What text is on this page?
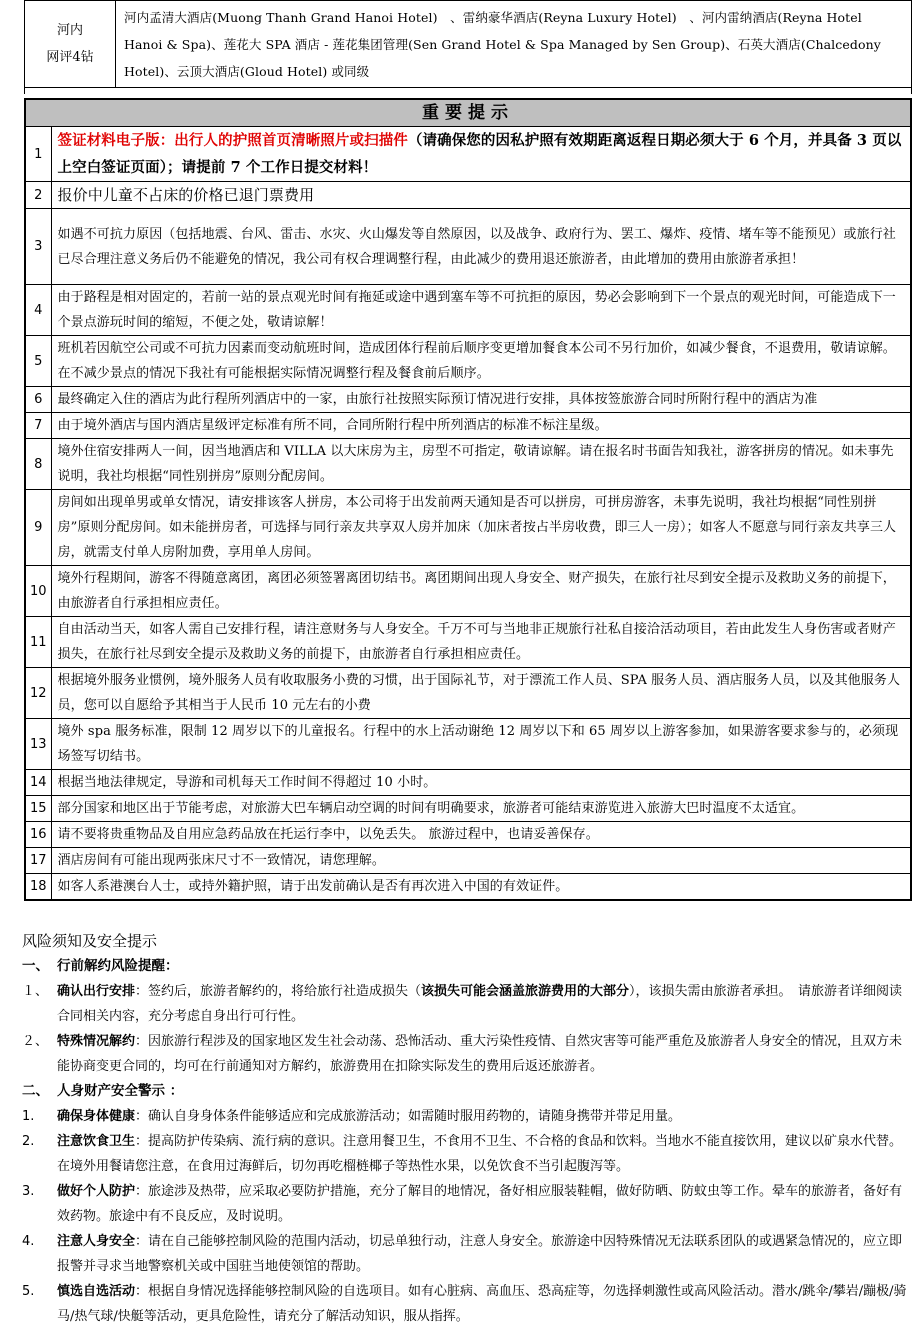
河内
网评4钻
	河内孟清大酒店(Muong Thanh Grand Hanoi Hotel)　、雷纳豪华酒店(Reyna Luxury Hotel)　、河内雷纳酒店(Reyna Hotel Hanoi & Spa)、莲花大 SPA 酒店 - 莲花集团管理(Sen Grand Hotel & Spa Managed by Sen Group)、石英大酒店(Chalcedony Hotel)、云顶大酒店(Gloud Hotel) 或同级

重要提示	
1	签证材料电子版：出行人的护照首页清晰照片或扫描件（请确保您的因私护照有效期距离返程日期必须大于 6 个月，并具备 3 页以上空白签证页面）；请提前 7 个工作日提交材料！
2	报价中儿童不占床的价格已退门票费用
3	如遇不可抗力原因（包括地震、台风、雷击、水灾、火山爆发等自然原因，以及战争、政府行为、罢工、爆炸、疫情、堵车等不能预见）或旅行社已尽合理注意义务后仍不能避免的情况，我公司有权合理调整行程，由此减少的费用退还旅游者，由此增加的费用由旅游者承担！
4	由于路程是相对固定的，若前一站的景点观光时间有拖延或途中遇到塞车等不可抗拒的原因，势必会影响到下一个景点的观光时间，可能造成下一个景点游玩时间的缩短，不便之处，敬请谅解！
5	班机若因航空公司或不可抗力因素而变动航班时间，造成团体行程前后顺序变更增加餐食本公司不另行加价，如减少餐食，不退费用，敬请谅解。在不减少景点的情况下我社有可能根据实际情况调整行程及餐食前后顺序。
6	最终确定入住的酒店为此行程所列酒店中的一家，由旅行社按照实际预订情况进行安排，具体按签旅游合同时所附行程中的酒店为准
7	由于境外酒店与国内酒店星级评定标准有所不同，合同所附行程中所列酒店的标准不标注星级。
8	境外住宿安排两人一间，因当地酒店和 VILLA 以大床房为主，房型不可指定，敬请谅解。请在报名时书面告知我社，游客拼房的情况。如未事先说明，我社均根据“同性别拼房”原则分配房间。
9	房间如出现单男或单女情况，请安排该客人拼房，本公司将于出发前两天通知是否可以拼房，可拼房游客，未事先说明，我社均根据“同性别拼房”原则分配房间。如未能拼房者，可选择与同行亲友共享双人房并加床（加床者按占半房收费，即三人一房）；如客人不愿意与同行亲友共享三人房，就需支付单人房附加费，享用单人房间。
10	境外行程期间，游客不得随意离团，离团必须签署离团切结书。离团期间出现人身安全、财产损失，在旅行社尽到安全提示及救助义务的前提下，由旅游者自行承担相应责任。
11	自由活动当天，如客人需自己安排行程，请注意财务与人身安全。千万不可与当地非正规旅行社私自接洽活动项目，若由此发生人身伤害或者财产损失，在旅行社尽到安全提示及救助义务的前提下，由旅游者自行承担相应责任。
12	根据境外服务业惯例，境外服务人员有收取服务小费的习惯，出于国际礼节，对于漂流工作人员、SPA 服务人员、酒店服务人员，以及其他服务人员，您可以自愿给予其相当于人民币 10 元左右的小费
13	境外 spa 服务标准，限制 12 周岁以下的儿童报名。行程中的水上活动谢绝 12 周岁以下和 65 周岁以上游客参加，如果游客要求参与的，必须现场签写切结书。
14	根据当地法律规定，导游和司机每天工作时间不得超过 10 小时。
15	部分国家和地区出于节能考虑，对旅游大巴车辆启动空调的时间有明确要求，旅游者可能结束游览进入旅游大巴时温度不太适宜。
16	请不要将贵重物品及自用应急药品放在托运行李中，以免丢失。 旅游过程中，也请妥善保存。
17	酒店房间有可能出现两张床尺寸不一致情况，请您理解。
18	如客人系港澳台人士，或持外籍护照，请于出发前确认是否有再次进入中国的有效证件。
风险须知及安全提示
一、 行前解约风险提醒：
１、 确认出行安排：签约后，旅游者解约的，将给旅行社造成损失（该损失可能会涵盖旅游费用的大部分），该损失需由旅游者承担。　请旅游者详细阅读合同相关内容，充分考虑自身出行可行性。
２、 特殊情况解约：因旅游行程涉及的国家地区发生社会动荡、恐怖活动、重大污染性疫情、自然灾害等可能严重危及旅游者人身安全的情况，且双方未能协商变更合同的，均可在行前通知对方解约，旅游费用在扣除实际发生的费用后返还旅游者。
二、 人身财产安全警示 ：
1.	确保身体健康：确认自身身体条件能够适应和完成旅游活动；如需随时服用药物的，请随身携带并带足用量。
2.	注意饮食卫生：提高防护传染病、流行病的意识。注意用餐卫生，不食用不卫生、不合格的食品和饮料。当地水不能直接饮用，建议以矿泉水代替。在境外用餐请您注意，在食用过海鲜后，切勿再吃榴梿椰子等热性水果，以免饮食不当引起腹泻等。
3.	做好个人防护：旅途涉及热带，应采取必要防护措施，充分了解目的地情况，备好相应服装鞋帽，做好防晒、防蚊虫等工作。晕车的旅游者，备好有效药物。旅途中有不良反应，及时说明。
4.	注意人身安全：请在自己能够控制风险的范围内活动，切忌单独行动，注意人身安全。旅游途中因特殊情况无法联系团队的或遇紧急情况的，应立即报警并寻求当地警察机关或中国驻当地使领馆的帮助。
5.	慎选自选活动：根据自身情况选择能够控制风险的自选项目。如有心脏病、高血压、恐高症等，勿选择刺激性或高风险活动。潜水/跳伞/攀岩/蹦极/骑马/热气球/快艇等活动，更具危险性，请充分了解活动知识，服从指挥。
